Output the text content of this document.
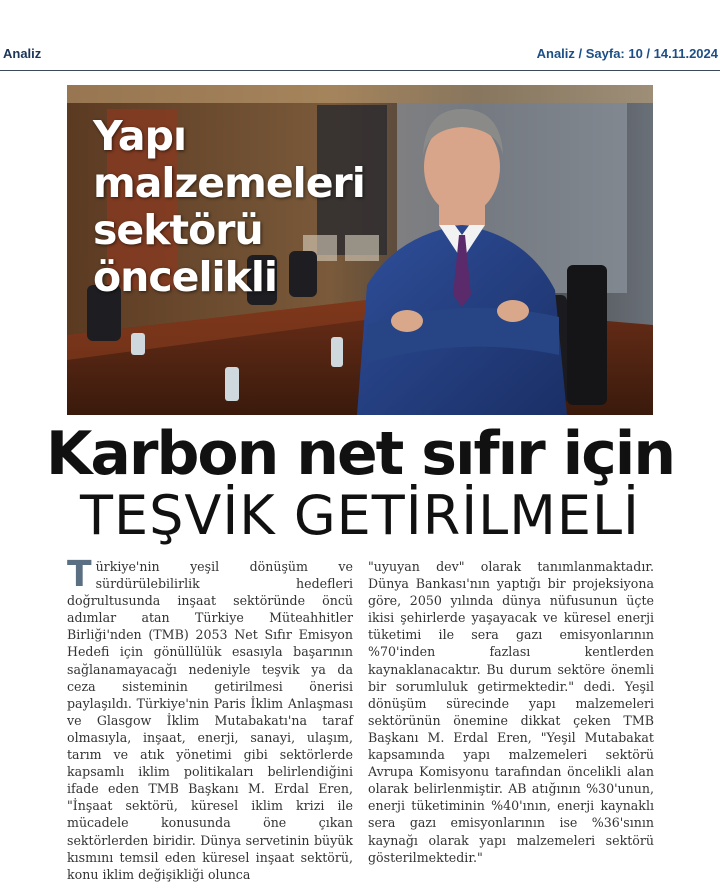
Analiz	Analiz / Sayfa: 10 / 14.11.2024
Yapı
malzemeleri
sektörü
öncelikli
Karbon net sıfır için
TEŞVİK GETİRİLMELİ
T ürkiye'nin yeşil dönüşüm ve sürdürülebilirlik hedefleri doğrultusunda inşaat sektöründe öncü adımlar atan Türkiye Müteahhitler Birliği'nden (TMB) 2053 Net Sıfır Emisyon Hedefi için gönüllülük esasıyla başarının sağlanamayacağı nedeniyle teşvik ya da ceza sisteminin getirilmesi önerisi paylaşıldı. Türkiye'nin Paris İklim Anlaşması ve Glasgow İklim Mutabakatı'na taraf olmasıyla, inşaat, enerji, sanayi, ulaşım, tarım ve atık yönetimi gibi sektörlerde kapsamlı iklim politikaları belirlendiğini ifade eden TMB Başkanı M. Erdal Eren, "İnşaat sektörü, küresel iklim krizi ile mücadele konusunda öne çıkan sektörlerden biridir. Dünya servetinin büyük kısmını temsil eden küresel inşaat sektörü, konu iklim değişikliği olunca
"uyuyan dev" olarak tanımlanmaktadır. Dünya Bankası'nın yaptığı bir projeksiyona göre, 2050 yılında dünya nüfusunun üçte ikisi şehirlerde yaşayacak ve küresel enerji tüketimi ile sera gazı emisyonlarının %70'inden fazlası kentlerden kaynaklanacaktır. Bu durum sektöre önemli bir sorumluluk getirmektedir." dedi. Yeşil dönüşüm sürecinde yapı malzemeleri sektörünün önemine dikkat çeken TMB Başkanı M. Erdal Eren, "Yeşil Mutabakat kapsamında yapı malzemeleri sektörü Avrupa Komisyonu tarafından öncelikli alan olarak belirlenmiştir. AB atığının %30'unun, enerji tüketiminin %40'ının, enerji kaynaklı sera gazı emisyonlarının ise %36'sının kaynağı olarak yapı malzemeleri sektörü gösterilmektedir."
